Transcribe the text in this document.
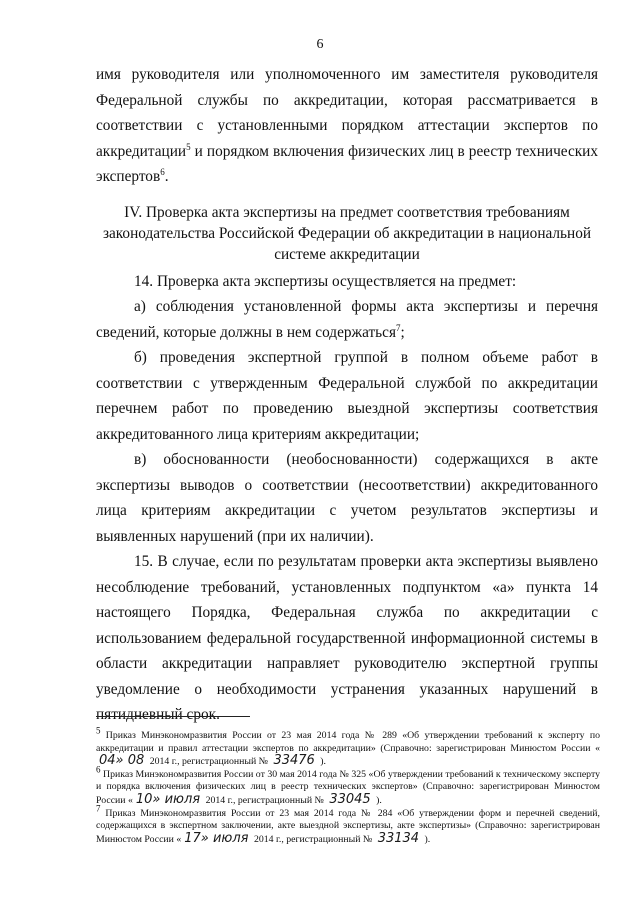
6

имя руководителя или уполномоченного им заместителя руководителя Федеральной службы по аккредитации, которая рассматривается в соответствии с установленными порядком аттестации экспертов по аккредитации$^5$ и порядком включения физических лиц в реестр технических экспертов$^6$.

IV. Проверка акта экспертизы на предмет соответствия требованиям законодательства Российской Федерации об аккредитации в национальной системе аккредитации

14. Проверка акта экспертизы осуществляется на предмет:

а) соблюдения установленной формы акта экспертизы и перечня сведений, которые должны в нем содержаться$^7$;

б) проведения экспертной группой в полном объеме работ в соответствии с утвержденным Федеральной службой по аккредитации перечнем работ по проведению выездной экспертизы соответствия аккредитованного лица критериям аккредитации;

в) обоснованности (необоснованности) содержащихся в акте экспертизы выводов о соответствии (несоответствии) аккредитованного лица критериям аккредитации с учетом результатов экспертизы и выявленных нарушений (при их наличии).

15. В случае, если по результатам проверки акта экспертизы выявлено несоблюдение требований, установленных подпунктом «а» пункта 14 настоящего Порядка, Федеральная служба по аккредитации с использованием федеральной государственной информационной системы в области аккредитации направляет руководителю экспертной группы уведомление о необходимости устранения указанных нарушений в пятидневный срок.

$^5$ Приказ Минэкономразвития России от 23 мая 2014 года № 289 «Об утверждении требований к эксперту по аккредитации и правил аттестации экспертов по аккредитации» (Справочно: зарегистрирован Минюстом России «04» 08 2014 г., регистрационный № 33476 ).

$^6$ Приказ Минэкономразвития России от 30 мая 2014 года № 325 «Об утверждении требований к техническому эксперту и порядка включения физических лиц в реестр технических экспертов» (Справочно: зарегистрирован Минюстом России « 10» июля 2014 г., регистрационный № 33045 ).

$^7$ Приказ Минэкономразвития России от 23 мая 2014 года № 284 «Об утверждении форм и перечней сведений, содержащихся в экспертном заключении, акте выездной экспертизы, акте экспертизы» (Справочно: зарегистрирован Минюстом России « 17» июля 2014 г., регистрационный № 33134 ).
